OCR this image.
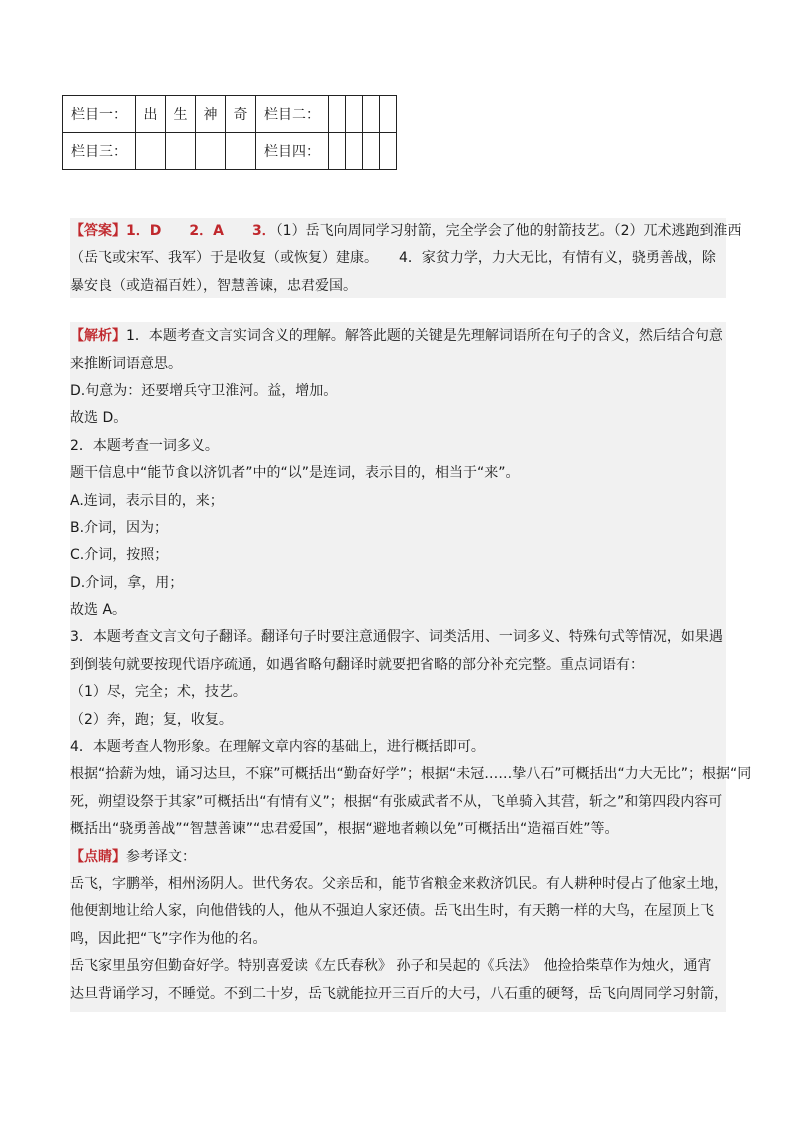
栏目一：	出	生	神	奇	栏目二：				
栏目三：					栏目四：				
【答案】1．D　　2．A　　3．（1）岳飞向周同学习射箭，完全学会了他的射箭技艺。（2）兀术逃跑到淮西
（岳飞或宋军、我军）于是收复（或恢复）建康。　　4．家贫力学，力大无比，有情有义，骁勇善战，除
暴安良（或造福百姓），智慧善谏，忠君爱国。
【解析】1．本题考查文言实词含义的理解。解答此题的关键是先理解词语所在句子的含义，然后结合句意
来推断词语意思。
D.句意为：还要增兵守卫淮河。益，增加。
故选 D。
2．本题考查一词多义。
题干信息中“能节食以济饥者”中的“以”是连词，表示目的，相当于“来”。
A.连词，表示目的，来；
B.介词，因为；
C.介词，按照；
D.介词，拿，用；
故选 A。
3．本题考查文言文句子翻译。翻译句子时要注意通假字、词类活用、一词多义、特殊句式等情况，如果遇
到倒装句就要按现代语序疏通，如遇省略句翻译时就要把省略的部分补充完整。重点词语有：
（1）尽，完全；术，技艺。
（2）奔，跑；复，收复。
4．本题考查人物形象。在理解文章内容的基础上，进行概括即可。
根据“拾薪为烛，诵习达旦，不寐”可概括出“勤奋好学”；根据“未冠……挚八石”可概括出“力大无比”；根据“同
死，朔望设祭于其家”可概括出“有情有义”；根据“有张威武者不从，飞单骑入其营，斩之”和第四段内容可
概括出“骁勇善战”“智慧善谏”“忠君爱国”，根据“避地者赖以免”可概括出“造福百姓”等。
【点睛】参考译文：
岳飞，字鹏举，相州汤阴人。世代务农。父亲岳和，能节省粮金来救济饥民。有人耕种时侵占了他家土地，
他便割地让给人家，向他借钱的人，他从不强迫人家还债。岳飞出生时，有天鹅一样的大鸟，在屋顶上飞
鸣，因此把“飞”字作为他的名。
岳飞家里虽穷但勤奋好学。特别喜爱读《左氏春秋》 孙子和吴起的《兵法》　他捡拾柴草作为烛火，通宵
达旦背诵学习，不睡觉。不到二十岁，岳飞就能拉开三百斤的大弓，八石重的硬弩，岳飞向周同学习射箭，
